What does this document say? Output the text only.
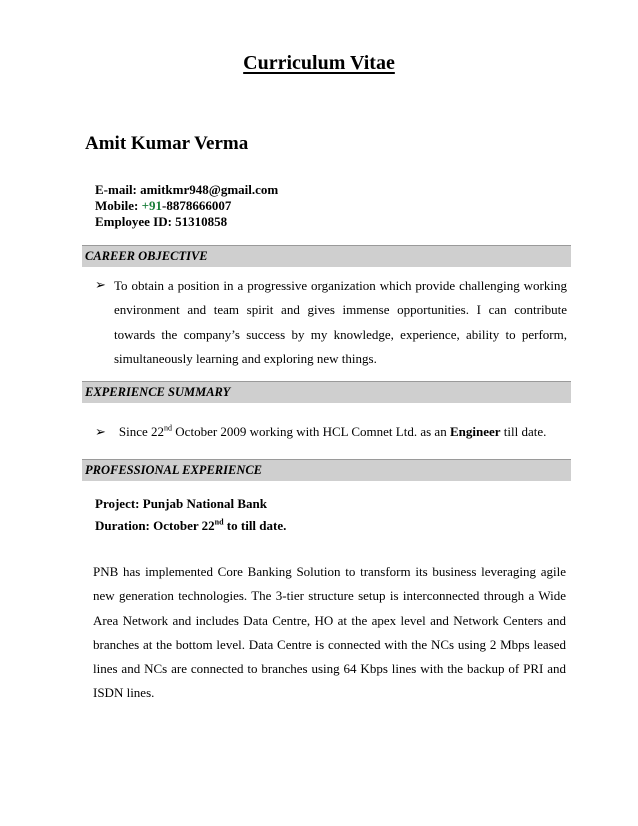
Curriculum Vitae
Amit Kumar Verma
E-mail: amitkmr948@gmail.com
Mobile: +91-8878666007
Employee ID: 51310858
CAREER OBJECTIVE
➢ To obtain a position in a progressive organization which provide challenging working environment and team spirit and gives immense opportunities. I can contribute towards the company’s success by my knowledge, experience, ability to perform, simultaneously learning and exploring new things.
EXPERIENCE SUMMARY
➢ Since 22nd October 2009 working with HCL Comnet Ltd. as an Engineer till date.
PROFESSIONAL EXPERIENCE
Project: Punjab National Bank
Duration: October 22nd to till date.
PNB has implemented Core Banking Solution to transform its business leveraging agile new generation technologies. The 3-tier structure setup is interconnected through a Wide Area Network and includes Data Centre, HO at the apex level and Network Centers and branches at the bottom level. Data Centre is connected with the NCs using 2 Mbps leased lines and NCs are connected to branches using 64 Kbps lines with the backup of PRI and ISDN lines.
